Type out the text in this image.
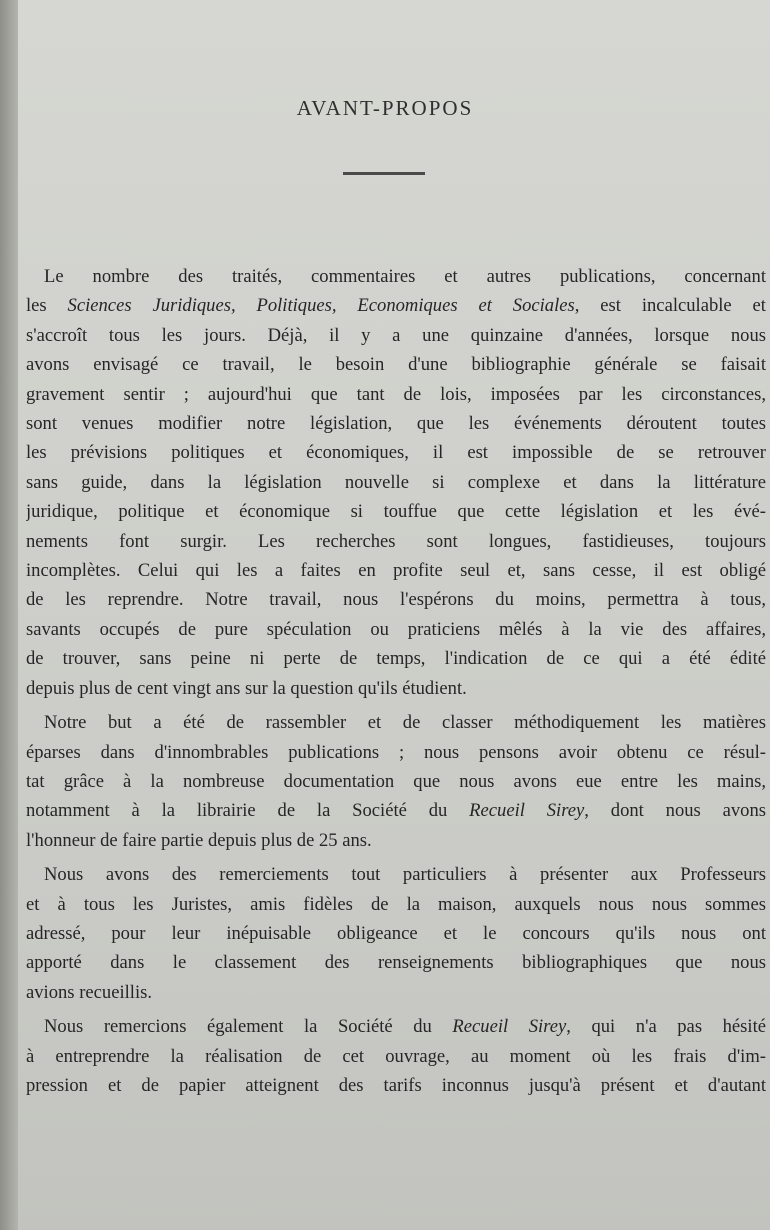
AVANT-PROPOS
Le nombre des traités, commentaires et autres publications, concernant
les Sciences Juridiques, Politiques, Economiques et Sociales, est incalculable et
s'accroît tous les jours. Déjà, il y a une quinzaine d'années, lorsque nous
avons envisagé ce travail, le besoin d'une bibliographie générale se faisait
gravement sentir ; aujourd'hui que tant de lois, imposées par les circonstances,
sont venues modifier notre législation, que les événements déroutent toutes
les prévisions politiques et économiques, il est impossible de se retrouver
sans guide, dans la législation nouvelle si complexe et dans la littérature
juridique, politique et économique si touffue que cette législation et les évé-
nements font surgir. Les recherches sont longues, fastidieuses, toujours
incomplètes. Celui qui les a faites en profite seul et, sans cesse, il est obligé
de les reprendre. Notre travail, nous l'espérons du moins, permettra à tous,
savants occupés de pure spéculation ou praticiens mêlés à la vie des affaires,
de trouver, sans peine ni perte de temps, l'indication de ce qui a été édité
depuis plus de cent vingt ans sur la question qu'ils étudient.
Notre but a été de rassembler et de classer méthodiquement les matières
éparses dans d'innombrables publications ; nous pensons avoir obtenu ce résul-
tat grâce à la nombreuse documentation que nous avons eue entre les mains,
notamment à la librairie de la Société du Recueil Sirey, dont nous avons
l'honneur de faire partie depuis plus de 25 ans.
Nous avons des remerciements tout particuliers à présenter aux Professeurs
et à tous les Juristes, amis fidèles de la maison, auxquels nous nous sommes
adressé, pour leur inépuisable obligeance et le concours qu'ils nous ont
apporté dans le classement des renseignements bibliographiques que nous
avions recueillis.
Nous remercions également la Société du Recueil Sirey, qui n'a pas hésité
à entreprendre la réalisation de cet ouvrage, au moment où les frais d'im-
pression et de papier atteignent des tarifs inconnus jusqu'à présent et d'autant
